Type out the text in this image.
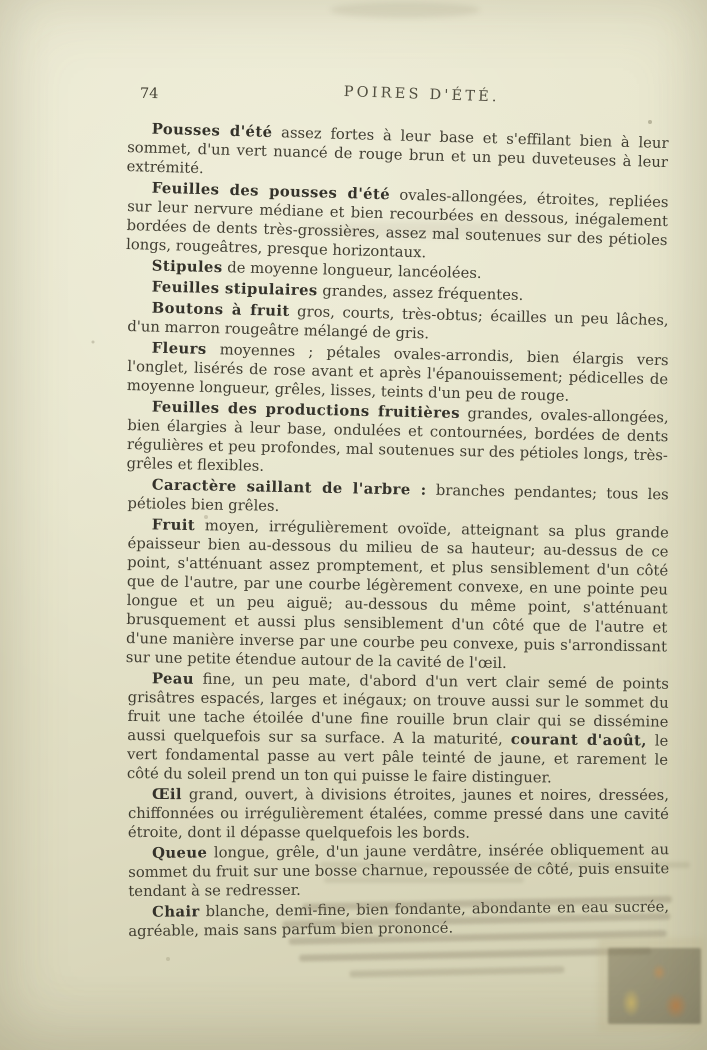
74	POIRES D'ÉTÉ.

Pousses d'été assez fortes à leur base et s'effilant bien à leur sommet, d'un vert nuancé de rouge brun et un peu duveteuses à leur extrémité.

Feuilles des pousses d'été ovales-allongées, étroites, repliées sur leur nervure médiane et bien recourbées en dessous, inégalement bordées de dents très-grossières, assez mal soutenues sur des pétioles longs, rougeâtres, presque horizontaux.

Stipules de moyenne longueur, lancéolées.

Feuilles stipulaires grandes, assez fréquentes.

Boutons à fruit gros, courts, très-obtus; écailles un peu lâches, d'un marron rougeâtre mélangé de gris.

Fleurs moyennes ; pétales ovales-arrondis, bien élargis vers l'onglet, lisérés de rose avant et après l'épanouissement; pédicelles de moyenne longueur, grêles, lisses, teints d'un peu de rouge.

Feuilles des productions fruitières grandes, ovales-allongées, bien élargies à leur base, ondulées et contournées, bordées de dents régulières et peu profondes, mal soutenues sur des pétioles longs, très-grêles et flexibles.

Caractère saillant de l'arbre : branches pendantes; tous les pétioles bien grêles.

Fruit moyen, irrégulièrement ovoïde, atteignant sa plus grande épaisseur bien au-dessous du milieu de sa hauteur; au-dessus de ce point, s'atténuant assez promptement, et plus sensiblement d'un côté que de l'autre, par une courbe légèrement convexe, en une pointe peu longue et un peu aiguë; au-dessous du même point, s'atténuant brusquement et aussi plus sensiblement d'un côté que de l'autre et d'une manière inverse par une courbe peu convexe, puis s'arrondissant sur une petite étendue autour de la cavité de l'œil.

Peau fine, un peu mate, d'abord d'un vert clair semé de points grisâtres espacés, larges et inégaux; on trouve aussi sur le sommet du fruit une tache étoilée d'une fine rouille brun clair qui se dissémine aussi quelquefois sur sa surface. A la maturité, courant d'août, le vert fondamental passe au vert pâle teinté de jaune, et rarement le côté du soleil prend un ton qui puisse le faire distinguer.

Œil grand, ouvert, à divisions étroites, jaunes et noires, dressées, chiffonnées ou irrégulièrement étalées, comme pressé dans une cavité étroite, dont il dépasse quelquefois les bords.

Queue longue, grêle, d'un jaune verdâtre, insérée obliquement au sommet du fruit sur une bosse charnue, repoussée de côté, puis ensuite tendant à se redresser.

Chair blanche, demi-fine, bien fondante, abondante en eau sucrée, agréable, mais sans parfum bien prononcé.
